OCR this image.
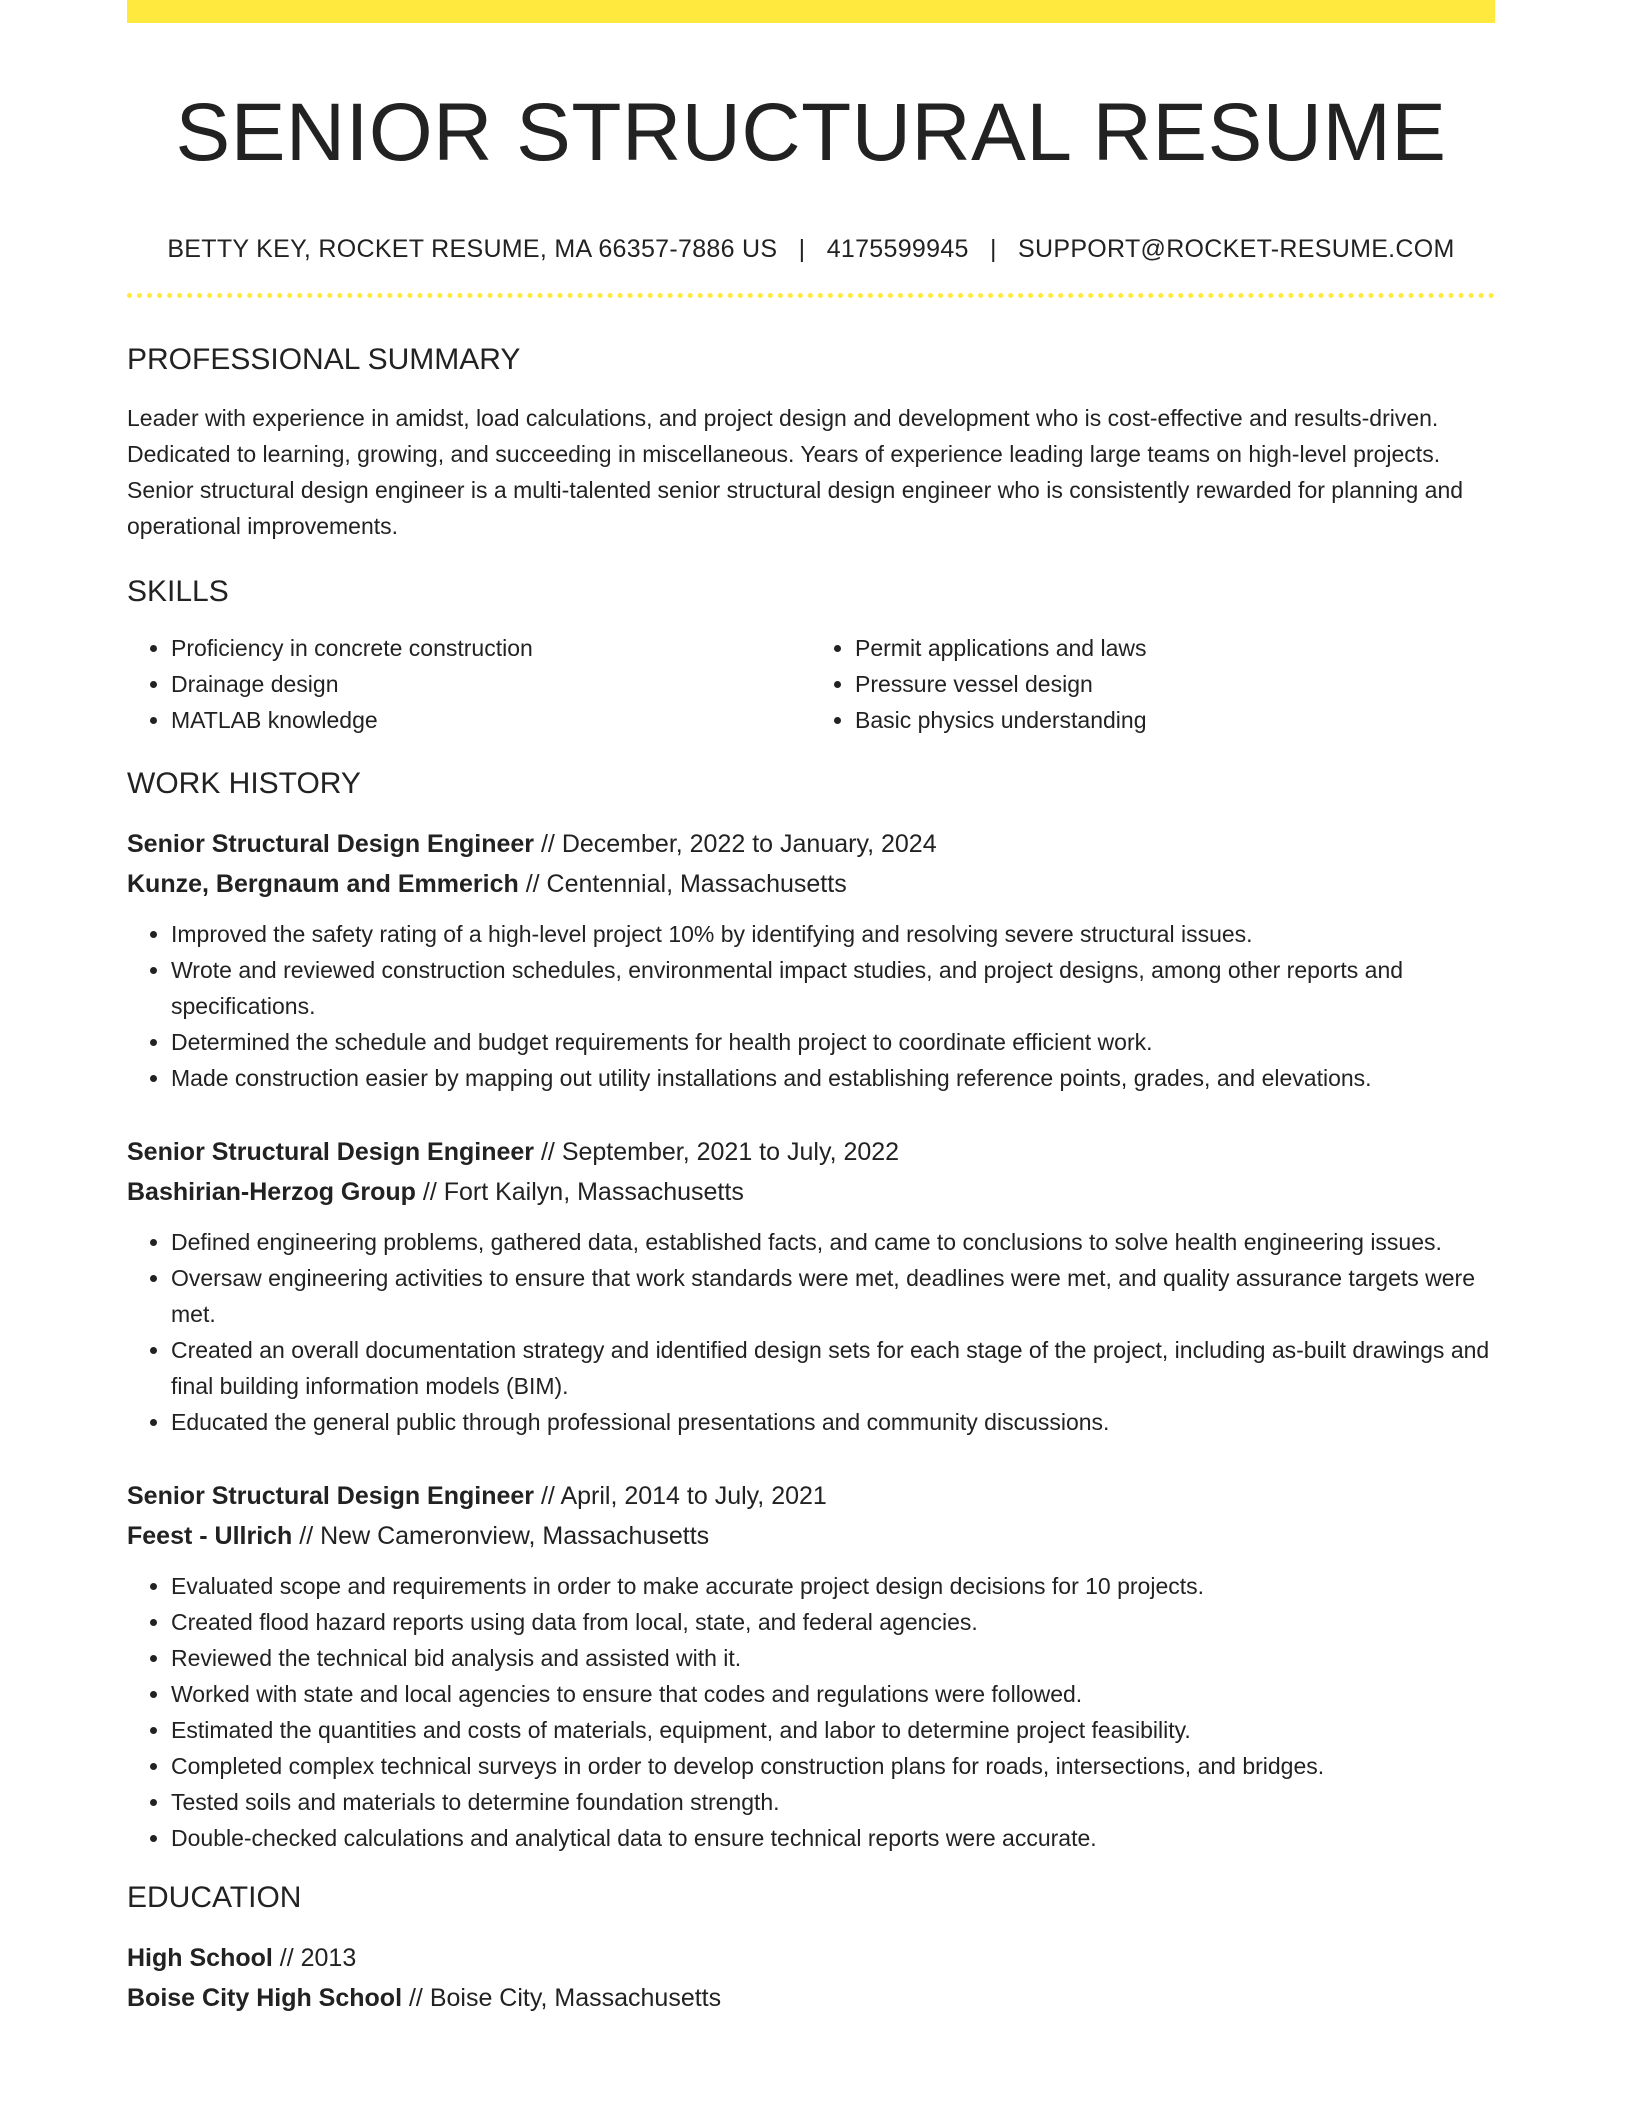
SENIOR STRUCTURAL RESUME
BETTY KEY, ROCKET RESUME, MA 66357-7886 US | 4175599945 | SUPPORT@ROCKET-RESUME.COM
PROFESSIONAL SUMMARY

Leader with experience in amidst, load calculations, and project design and development who is cost-effective and results-driven. Dedicated to learning, growing, and succeeding in miscellaneous. Years of experience leading large teams on high-level projects. Senior structural design engineer is a multi-talented senior structural design engineer who is consistently rewarded for planning and operational improvements.

SKILLS
• Proficiency in concrete construction
• Drainage design
• MATLAB knowledge
• Permit applications and laws
• Pressure vessel design
• Basic physics understanding
WORK HISTORY
Senior Structural Design Engineer // December, 2022 to January, 2024
Kunze, Bergnaum and Emmerich // Centennial, Massachusetts
• Improved the safety rating of a high-level project 10% by identifying and resolving severe structural issues.
• Wrote and reviewed construction schedules, environmental impact studies, and project designs, among other reports and specifications.
• Determined the schedule and budget requirements for health project to coordinate efficient work.
• Made construction easier by mapping out utility installations and establishing reference points, grades, and elevations.
Senior Structural Design Engineer // September, 2021 to July, 2022
Bashirian-Herzog Group // Fort Kailyn, Massachusetts
• Defined engineering problems, gathered data, established facts, and came to conclusions to solve health engineering issues.
• Oversaw engineering activities to ensure that work standards were met, deadlines were met, and quality assurance targets were met.
• Created an overall documentation strategy and identified design sets for each stage of the project, including as-built drawings and final building information models (BIM).
• Educated the general public through professional presentations and community discussions.
Senior Structural Design Engineer // April, 2014 to July, 2021
Feest - Ullrich // New Cameronview, Massachusetts
• Evaluated scope and requirements in order to make accurate project design decisions for 10 projects.
• Created flood hazard reports using data from local, state, and federal agencies.
• Reviewed the technical bid analysis and assisted with it.
• Worked with state and local agencies to ensure that codes and regulations were followed.
• Estimated the quantities and costs of materials, equipment, and labor to determine project feasibility.
• Completed complex technical surveys in order to develop construction plans for roads, intersections, and bridges.
• Tested soils and materials to determine foundation strength.
• Double-checked calculations and analytical data to ensure technical reports were accurate.
EDUCATION
High School // 2013
Boise City High School // Boise City, Massachusetts
